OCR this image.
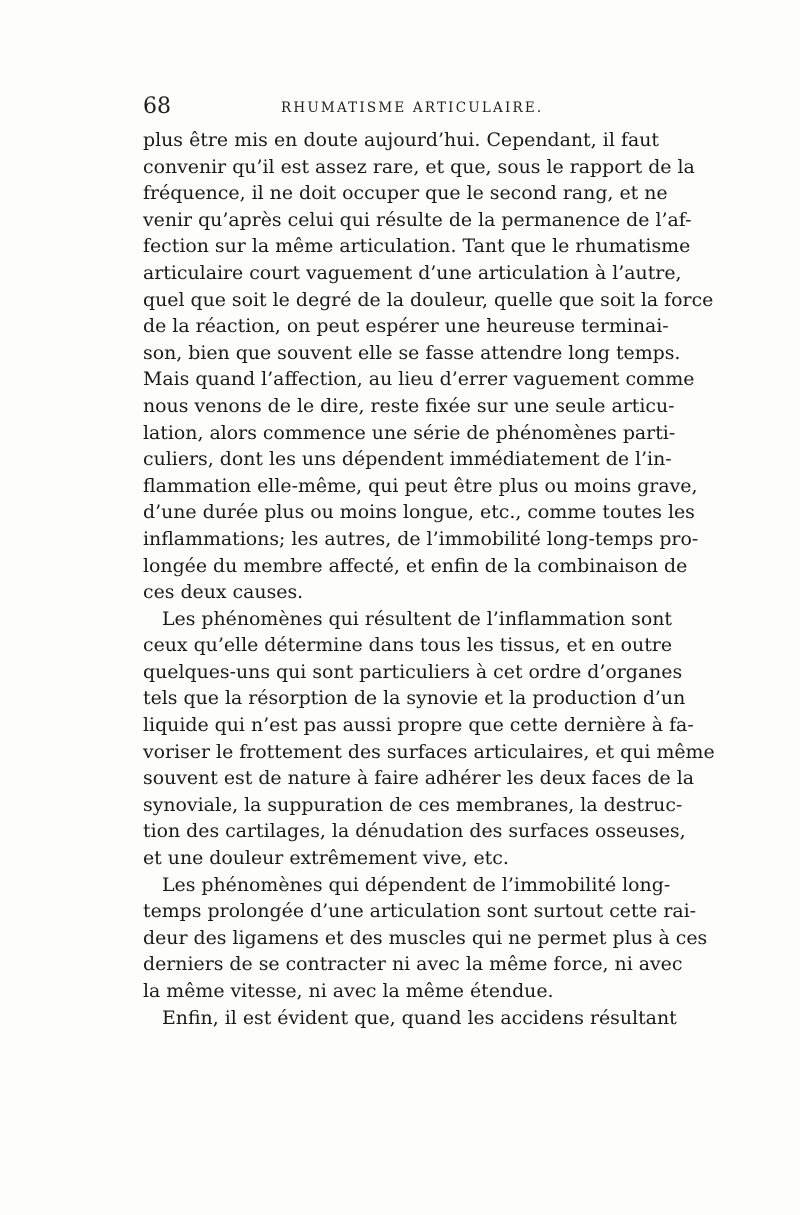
68	RHUMATISME ARTICULAIRE.
plus être mis en doute aujourd’hui. Cependant, il faut
convenir qu’il est assez rare, et que, sous le rapport de la
fréquence, il ne doit occuper que le second rang, et ne
venir qu’après celui qui résulte de la permanence de l’af-
fection sur la même articulation. Tant que le rhumatisme
articulaire court vaguement d’une articulation à l’autre,
quel que soit le degré de la douleur, quelle que soit la force
de la réaction, on peut espérer une heureuse terminai-
son, bien que souvent elle se fasse attendre long temps.
Mais quand l’affection, au lieu d’errer vaguement comme
nous venons de le dire, reste fixée sur une seule articu-
lation, alors commence une série de phénomènes parti-
culiers, dont les uns dépendent immédiatement de l’in-
flammation elle-même, qui peut être plus ou moins grave,
d’une durée plus ou moins longue, etc., comme toutes les
inflammations; les autres, de l’immobilité long-temps pro-
longée du membre affecté, et enfin de la combinaison de
ces deux causes.
Les phénomènes qui résultent de l’inflammation sont
ceux qu’elle détermine dans tous les tissus, et en outre
quelques-uns qui sont particuliers à cet ordre d’organes
tels que la résorption de la synovie et la production d’un
liquide qui n’est pas aussi propre que cette dernière à fa-
voriser le frottement des surfaces articulaires, et qui même
souvent est de nature à faire adhérer les deux faces de la
synoviale, la suppuration de ces membranes, la destruc-
tion des cartilages, la dénudation des surfaces osseuses,
et une douleur extrêmement vive, etc.
Les phénomènes qui dépendent de l’immobilité long-
temps prolongée d’une articulation sont surtout cette rai-
deur des ligamens et des muscles qui ne permet plus à ces
derniers de se contracter ni avec la même force, ni avec
la même vitesse, ni avec la même étendue.
Enfin, il est évident que, quand les accidens résultant
